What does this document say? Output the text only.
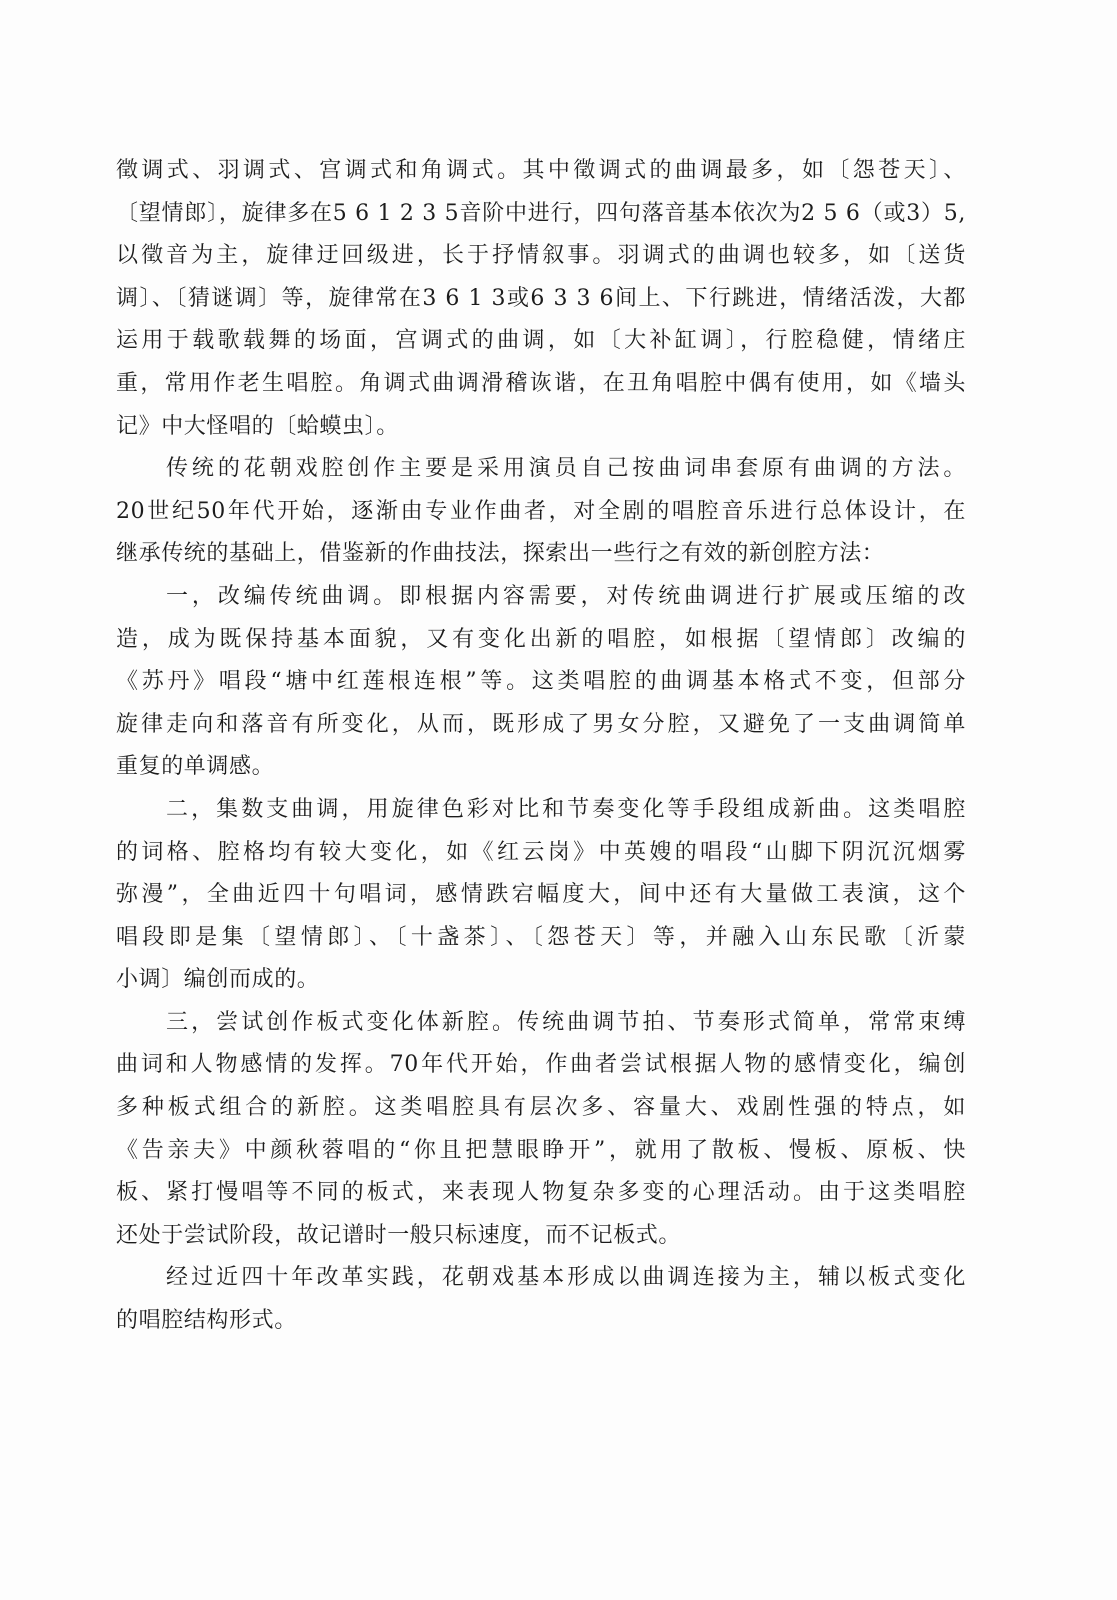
徵调式、羽调式、宫调式和角调式。其中徵调式的曲调最多，如〔怨苍天〕、
〔望情郎〕，旋律多在5 6 1 2 3 5音阶中进行，四句落音基本依次为2 5 6（或3）5,
以徵音为主，旋律迂回级进，长于抒情叙事。羽调式的曲调也较多，如〔送货
调〕、〔猜谜调〕等，旋律常在3 6 1 3或6 3 3 6间上、下行跳进，情绪活泼，大都
运用于载歌载舞的场面，宫调式的曲调，如〔大补缸调〕，行腔稳健，情绪庄
重，常用作老生唱腔。角调式曲调滑稽诙谐，在丑角唱腔中偶有使用，如《墙头
记》中大怪唱的〔蛤蟆虫〕。
传统的花朝戏腔创作主要是采用演员自己按曲词串套原有曲调的方法。
20世纪50年代开始，逐渐由专业作曲者，对全剧的唱腔音乐进行总体设计，在
继承传统的基础上，借鉴新的作曲技法，探索出一些行之有效的新创腔方法：
一，改编传统曲调。即根据内容需要，对传统曲调进行扩展或压缩的改
造，成为既保持基本面貌，又有变化出新的唱腔，如根据〔望情郎〕改编的
《苏丹》唱段“塘中红莲根连根”等。这类唱腔的曲调基本格式不变，但部分
旋律走向和落音有所变化，从而，既形成了男女分腔，又避免了一支曲调简单
重复的单调感。
二，集数支曲调，用旋律色彩对比和节奏变化等手段组成新曲。这类唱腔
的词格、腔格均有较大变化，如《红云岗》中英嫂的唱段“山脚下阴沉沉烟雾
弥漫”，全曲近四十句唱词，感情跌宕幅度大，间中还有大量做工表演，这个
唱段即是集〔望情郎〕、〔十盏茶〕、〔怨苍天〕等，并融入山东民歌〔沂蒙
小调〕编创而成的。
三，尝试创作板式变化体新腔。传统曲调节拍、节奏形式简单，常常束缚
曲词和人物感情的发挥。70年代开始，作曲者尝试根据人物的感情变化，编创
多种板式组合的新腔。这类唱腔具有层次多、容量大、戏剧性强的特点，如
《告亲夫》中颜秋蓉唱的“你且把慧眼睁开”，就用了散板、慢板、原板、快
板、紧打慢唱等不同的板式，来表现人物复杂多变的心理活动。由于这类唱腔
还处于尝试阶段，故记谱时一般只标速度，而不记板式。
经过近四十年改革实践，花朝戏基本形成以曲调连接为主，辅以板式变化
的唱腔结构形式。
